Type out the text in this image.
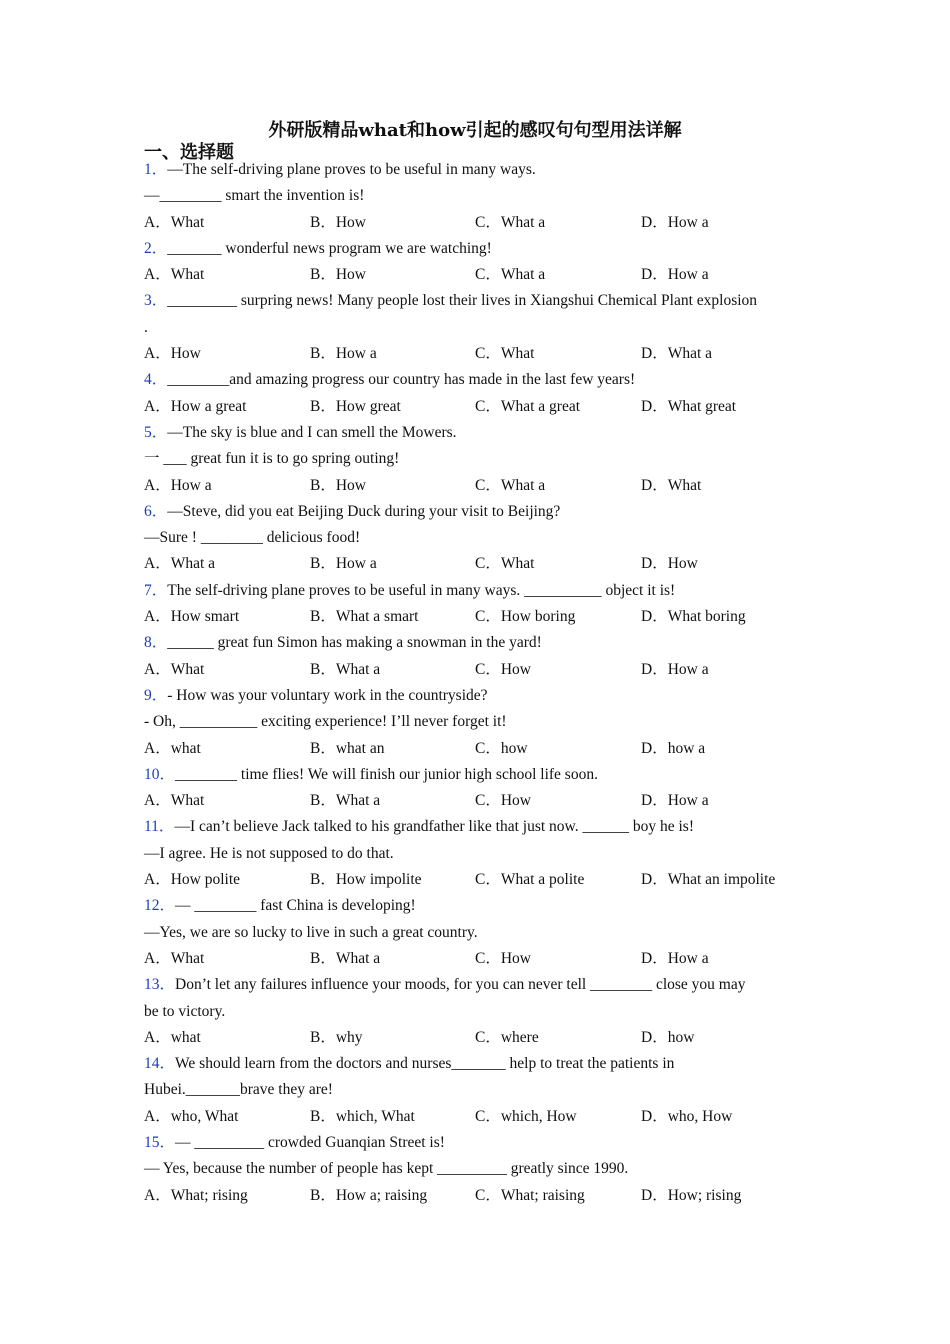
外研版精品what和how引起的感叹句句型用法详解
一、选择题
1．—The self-driving plane proves to be useful in many ways.
—________ smart the invention is!
A．What	B．How	C．What a	D．How a
2．_______ wonderful news program we are watching!
A．What	B．How	C．What a	D．How a
3．_________ surpring news! Many people lost their lives in Xiangshui Chemical Plant explosion
.
A．How	B．How a	C．What	D．What a
4．________and amazing progress our country has made in the last few years!
A．How a great	B．How great	C．What a great	D．What great
5．—The sky is blue and I can smell the Mowers.
一 ___ great fun it is to go spring outing!
A．How a	B．How	C．What a	D．What
6．—Steve, did you eat Beijing Duck during your visit to Beijing?
—Sure ! ________ delicious food!
A．What a	B．How a	C．What	D．How
7．The self-driving plane proves to be useful in many ways. __________ object it is!
A．How smart	B．What a smart	C．How boring	D．What boring
8．______ great fun Simon has making a snowman in the yard!
A．What	B．What a	C．How	D．How a
9．- How was your voluntary work in the countryside?
- Oh, __________ exciting experience! I’ll never forget it!
A．what	B．what an	C．how	D．how a
10．________ time flies! We will finish our junior high school life soon.
A．What	B．What a	C．How	D．How a
11．—I can’t believe Jack talked to his grandfather like that just now. ______ boy he is!
—I agree. He is not supposed to do that.
A．How polite	B．How impolite	C．What a polite	D．What an impolite
12．— ________ fast China is developing!
—Yes, we are so lucky to live in such a great country.
A．What	B．What a	C．How	D．How a
13．Don’t let any failures influence your moods, for you can never tell ________ close you may
be to victory.
A．what	B．why	C．where	D．how
14．We should learn from the doctors and nurses_______ help to treat the patients in
Hubei._______brave they are!
A．who, What	B．which, What	C．which, How	D．who, How
15．— _________ crowded Guanqian Street is!
— Yes, because the number of people has kept _________ greatly since 1990.
A．What; rising	B．How a; raising	C．What; raising	D．How; rising
